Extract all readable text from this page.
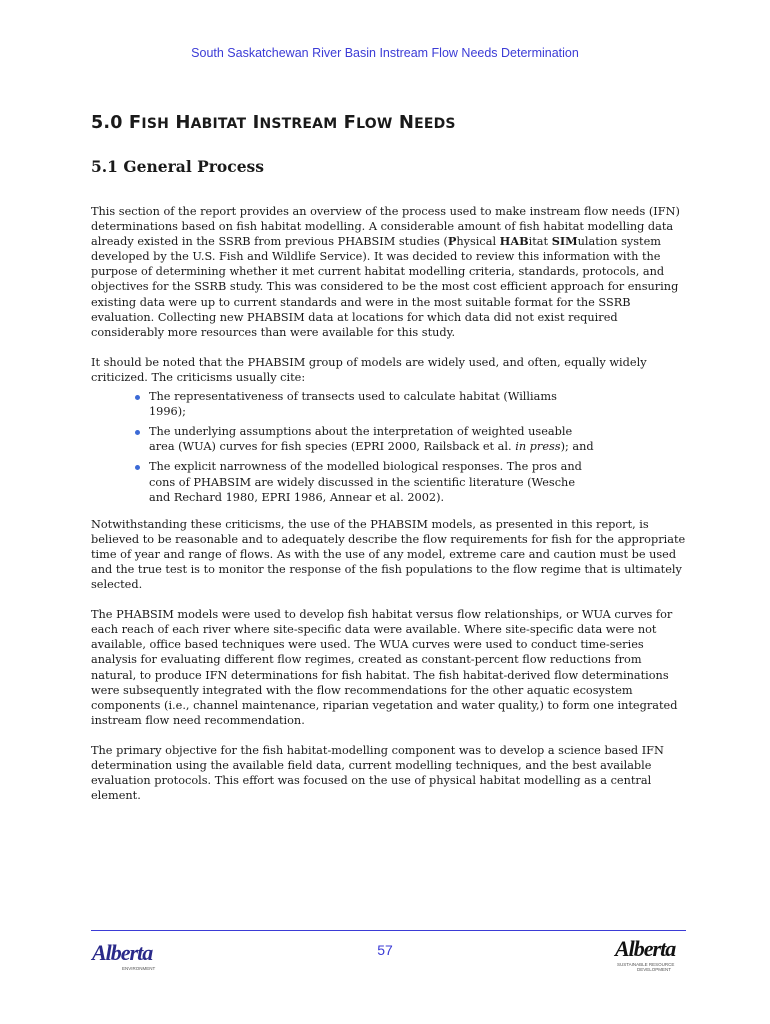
South Saskatchewan River Basin Instream Flow Needs Determination
5.0 FISH HABITAT INSTREAM FLOW NEEDS
5.1 General Process

This section of the report provides an overview of the process used to make instream flow needs (IFN) determinations based on fish habitat modelling. A considerable amount of fish habitat modelling data already existed in the SSRB from previous PHABSIM studies (Physical HABitat SIMulation system developed by the U.S. Fish and Wildlife Service). It was decided to review this information with the purpose of determining whether it met current habitat modelling criteria, standards, protocols, and objectives for the SSRB study. This was considered to be the most cost efficient approach for ensuring existing data were up to current standards and were in the most suitable format for the SSRB evaluation. Collecting new PHABSIM data at locations for which data did not exist required considerably more resources than were available for this study.

It should be noted that the PHABSIM group of models are widely used, and often, equally widely criticized. The criticisms usually cite:

The representativeness of transects used to calculate habitat (Williams 1996);
The underlying assumptions about the interpretation of weighted useable area (WUA) curves for fish species (EPRI 2000, Railsback et al. in press); and
The explicit narrowness of the modelled biological responses. The pros and cons of PHABSIM are widely discussed in the scientific literature (Wesche and Rechard 1980, EPRI 1986, Annear et al. 2002).

Notwithstanding these criticisms, the use of the PHABSIM models, as presented in this report, is believed to be reasonable and to adequately describe the flow requirements for fish for the appropriate time of year and range of flows. As with the use of any model, extreme care and caution must be used and the true test is to monitor the response of the fish populations to the flow regime that is ultimately selected.

The PHABSIM models were used to develop fish habitat versus flow relationships, or WUA curves for each reach of each river where site-specific data were available. Where site-specific data were not available, office based techniques were used. The WUA curves were used to conduct time-series analysis for evaluating different flow regimes, created as constant-percent flow reductions from natural, to produce IFN determinations for fish habitat. The fish habitat-derived flow determinations were subsequently integrated with the flow recommendations for the other aquatic ecosystem components (i.e., channel maintenance, riparian vegetation and water quality,) to form one integrated instream flow need recommendation.

The primary objective for the fish habitat-modelling component was to develop a science based IFN determination using the available field data, current modelling techniques, and the best available evaluation protocols. This effort was focused on the use of physical habitat modelling as a central element.

Alberta
ENVIRONMENT
57	Alberta
SUSTAINABLE RESOURCE
DEVELOPMENT
